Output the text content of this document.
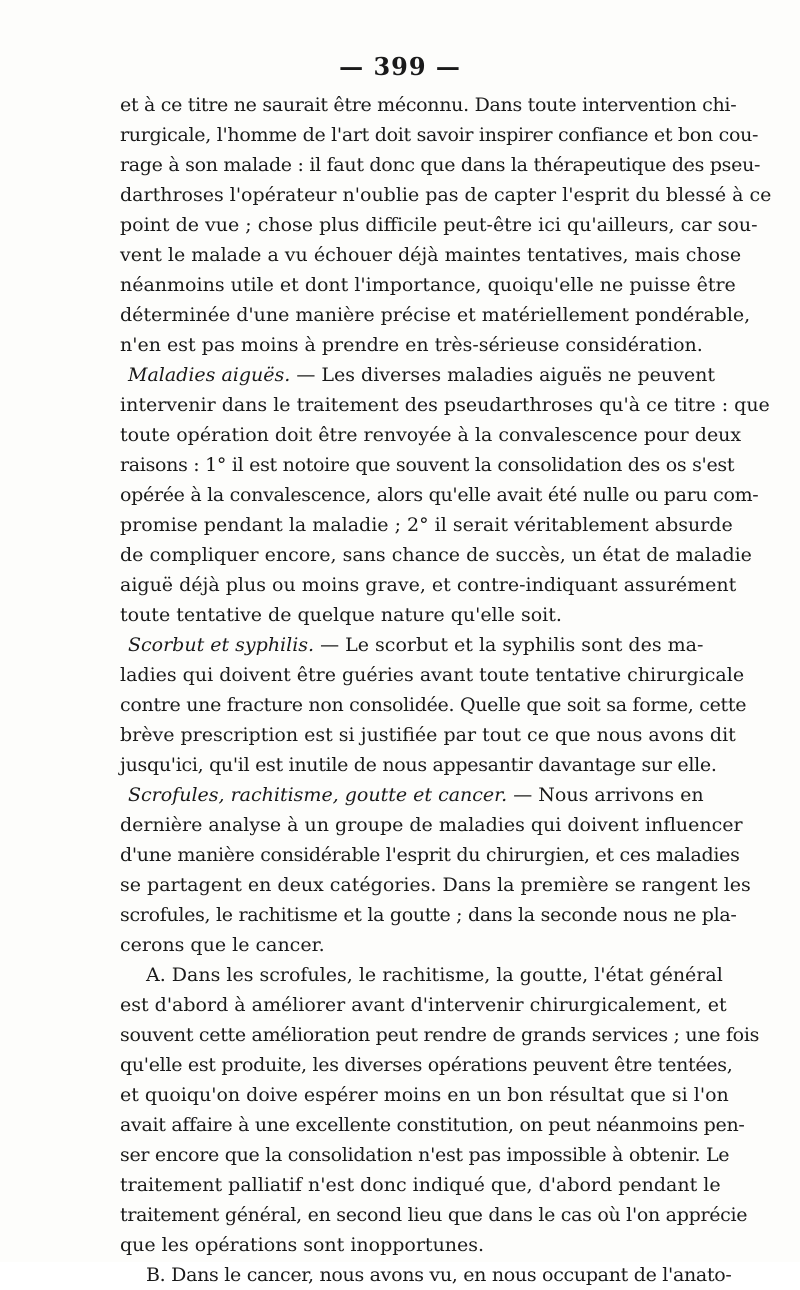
— 399 —
et à ce titre ne saurait être méconnu. Dans toute intervention chi-
rurgicale, l'homme de l'art doit savoir inspirer confiance et bon cou-
rage à son malade : il faut donc que dans la thérapeutique des pseu-
darthroses l'opérateur n'oublie pas de capter l'esprit du blessé à ce
point de vue ; chose plus difficile peut-être ici qu'ailleurs, car sou-
vent le malade a vu échouer déjà maintes tentatives, mais chose
néanmoins utile et dont l'importance, quoiqu'elle ne puisse être
déterminée d'une manière précise et matériellement pondérable,
n'en est pas moins à prendre en très-sérieuse considération.
Maladies aiguës. — Les diverses maladies aiguës ne peuvent
intervenir dans le traitement des pseudarthroses qu'à ce titre : que
toute opération doit être renvoyée à la convalescence pour deux
raisons : 1° il est notoire que souvent la consolidation des os s'est
opérée à la convalescence, alors qu'elle avait été nulle ou paru com-
promise pendant la maladie ; 2° il serait véritablement absurde
de compliquer encore, sans chance de succès, un état de maladie
aiguë déjà plus ou moins grave, et contre-indiquant assurément
toute tentative de quelque nature qu'elle soit.
Scorbut et syphilis. — Le scorbut et la syphilis sont des ma-
ladies qui doivent être guéries avant toute tentative chirurgicale
contre une fracture non consolidée. Quelle que soit sa forme, cette
brève prescription est si justifiée par tout ce que nous avons dit
jusqu'ici, qu'il est inutile de nous appesantir davantage sur elle.
Scrofules, rachitisme, goutte et cancer. — Nous arrivons en
dernière analyse à un groupe de maladies qui doivent influencer
d'une manière considérable l'esprit du chirurgien, et ces maladies
se partagent en deux catégories. Dans la première se rangent les
scrofules, le rachitisme et la goutte ; dans la seconde nous ne pla-
cerons que le cancer.
A. Dans les scrofules, le rachitisme, la goutte, l'état général
est d'abord à améliorer avant d'intervenir chirurgicalement, et
souvent cette amélioration peut rendre de grands services ; une fois
qu'elle est produite, les diverses opérations peuvent être tentées,
et quoiqu'on doive espérer moins en un bon résultat que si l'on
avait affaire à une excellente constitution, on peut néanmoins pen-
ser encore que la consolidation n'est pas impossible à obtenir. Le
traitement palliatif n'est donc indiqué que, d'abord pendant le
traitement général, en second lieu que dans le cas où l'on apprécie
que les opérations sont inopportunes.
B. Dans le cancer, nous avons vu, en nous occupant de l'anato-
